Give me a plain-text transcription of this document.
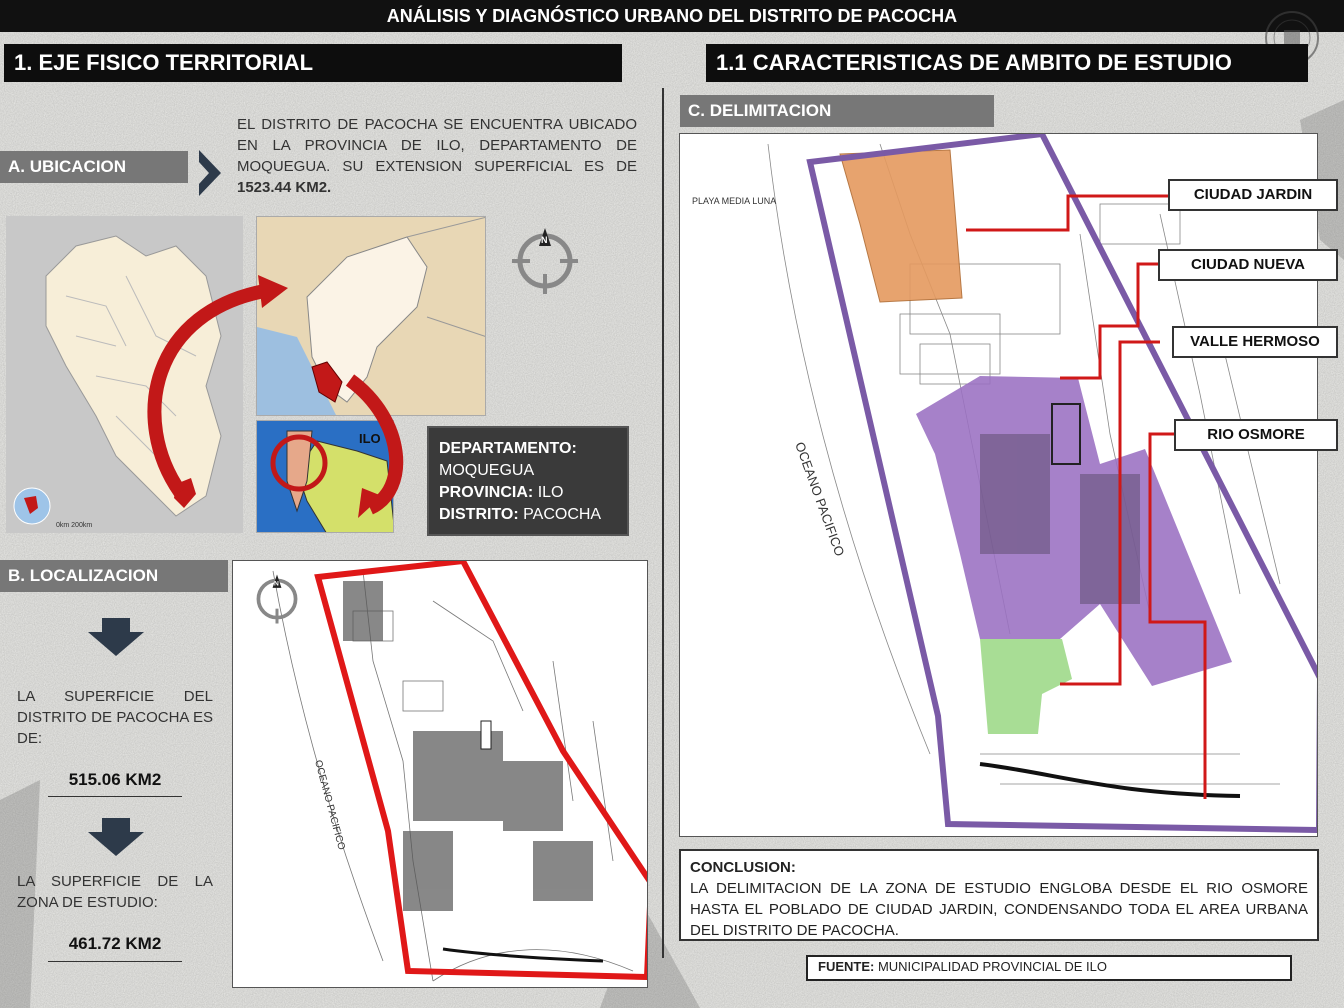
ANÁLISIS Y DIAGNÓSTICO URBANO DEL DISTRITO DE PACOCHA
1. EJE FISICO TERRITORIAL	1.1 CARACTERISTICAS DE AMBITO DE ESTUDIO
A. UBICACION
EL DISTRITO DE PACOCHA SE ENCUENTRA UBICADO EN LA PROVINCIA DE ILO, DEPARTAMENTO DE MOQUEGUA. SU EXTENSION SUPERFICIAL ES DE 1523.44 KM2.
0km 200km
ILO
N
DEPARTAMENTO:
MOQUEGUA
PROVINCIA: ILO
DISTRITO: PACOCHA
B. LOCALIZACION
LA SUPERFICIE DEL DISTRITO DE PACOCHA ES DE:
515.06 KM2
LA SUPERFICIE DE LA ZONA DE ESTUDIO:
461.72 KM2
OCEANO PACIFICO
N
C. DELIMITACION
PLAYA MEDIA LUNA
OCEANO PACIFICO
CIUDAD JARDIN
CIUDAD NUEVA
VALLE HERMOSO
RIO OSMORE
CONCLUSION:
LA DELIMITACION DE LA ZONA DE ESTUDIO ENGLOBA DESDE EL RIO OSMORE HASTA EL POBLADO DE CIUDAD JARDIN, CONDENSANDO TODA EL AREA URBANA DEL DISTRITO DE PACOCHA.
FUENTE: MUNICIPALIDAD PROVINCIAL DE ILO
